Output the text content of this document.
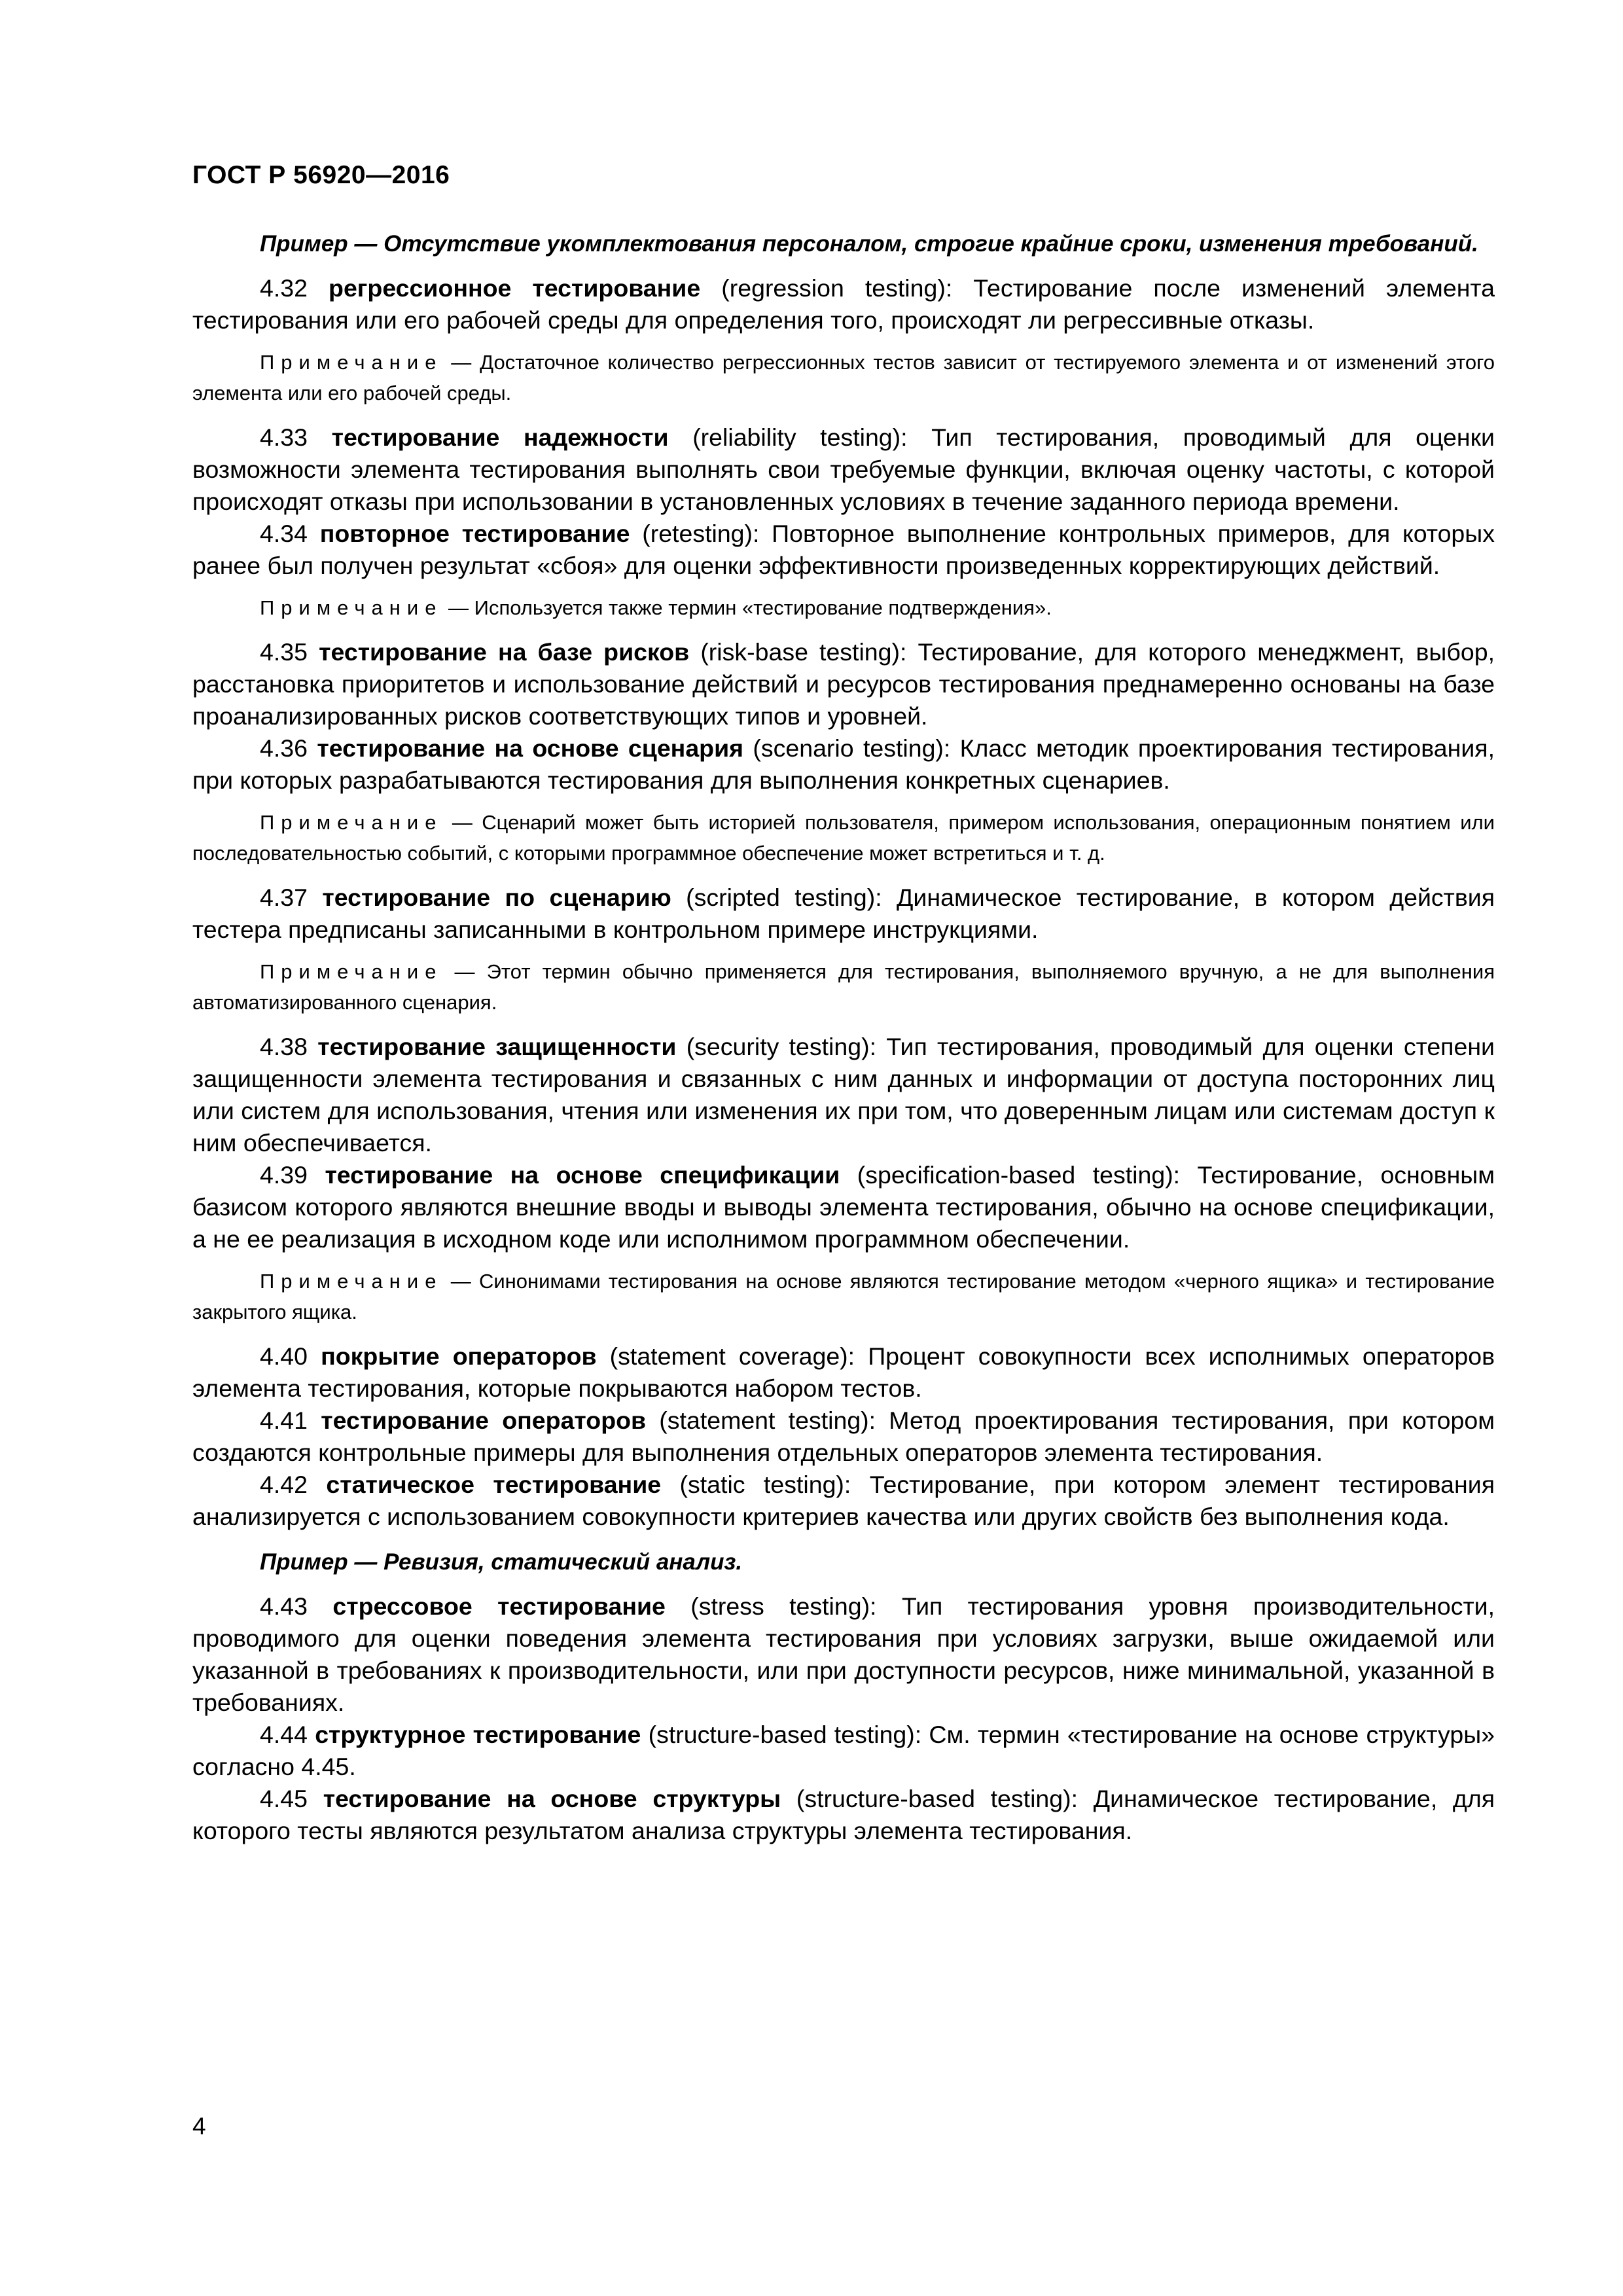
ГОСТ Р 56920—2016

Пример — Отсутствие укомплектования персоналом, строгие крайние сроки, изменения требований.

4.32 регрессионное тестирование (regression testing): Тестирование после изменений элемента тестирования или его рабочей среды для определения того, происходят ли регрессивные отказы.

Примечание — Достаточное количество регрессионных тестов зависит от тестируемого элемента и от изменений этого элемента или его рабочей среды.

4.33 тестирование надежности (reliability testing): Тип тестирования, проводимый для оценки возможности элемента тестирования выполнять свои требуемые функции, включая оценку частоты, с которой происходят отказы при использовании в установленных условиях в течение заданного периода времени.

4.34 повторное тестирование (retesting): Повторное выполнение контрольных примеров, для которых ранее был получен результат «сбоя» для оценки эффективности произведенных корректирующих действий.

Примечание — Используется также термин «тестирование подтверждения».

4.35 тестирование на базе рисков (risk-base testing): Тестирование, для которого менеджмент, выбор, расстановка приоритетов и использование действий и ресурсов тестирования преднамеренно основаны на базе проанализированных рисков соответствующих типов и уровней.

4.36 тестирование на основе сценария (scenario testing): Класс методик проектирования тестирования, при которых разрабатываются тестирования для выполнения конкретных сценариев.

Примечание — Сценарий может быть историей пользователя, примером использования, операционным понятием или последовательностью событий, с которыми программное обеспечение может встретиться и т. д.

4.37 тестирование по сценарию (scripted testing): Динамическое тестирование, в котором действия тестера предписаны записанными в контрольном примере инструкциями.

Примечание — Этот термин обычно применяется для тестирования, выполняемого вручную, а не для выполнения автоматизированного сценария.

4.38 тестирование защищенности (security testing): Тип тестирования, проводимый для оценки степени защищенности элемента тестирования и связанных с ним данных и информации от доступа посторонних лиц или систем для использования, чтения или изменения их при том, что доверенным лицам или системам доступ к ним обеспечивается.

4.39 тестирование на основе спецификации (specification-based testing): Тестирование, основным базисом которого являются внешние вводы и выводы элемента тестирования, обычно на основе спецификации, а не ее реализация в исходном коде или исполнимом программном обеспечении.

Примечание — Синонимами тестирования на основе являются тестирование методом «черного ящика» и тестирование закрытого ящика.

4.40 покрытие операторов (statement coverage): Процент совокупности всех исполнимых операторов элемента тестирования, которые покрываются набором тестов.

4.41 тестирование операторов (statement testing): Метод проектирования тестирования, при котором создаются контрольные примеры для выполнения отдельных операторов элемента тестирования.

4.42 статическое тестирование (static testing): Тестирование, при котором элемент тестирования анализируется с использованием совокупности критериев качества или других свойств без выполнения кода.

Пример — Ревизия, статический анализ.

4.43 стрессовое тестирование (stress testing): Тип тестирования уровня производительности, проводимого для оценки поведения элемента тестирования при условиях загрузки, выше ожидаемой или указанной в требованиях к производительности, или при доступности ресурсов, ниже минимальной, указанной в требованиях.

4.44 структурное тестирование (structure-based testing): См. термин «тестирование на основе структуры» согласно 4.45.

4.45 тестирование на основе структуры (structure-based testing): Динамическое тестирование, для которого тесты являются результатом анализа структуры элемента тестирования.

4
